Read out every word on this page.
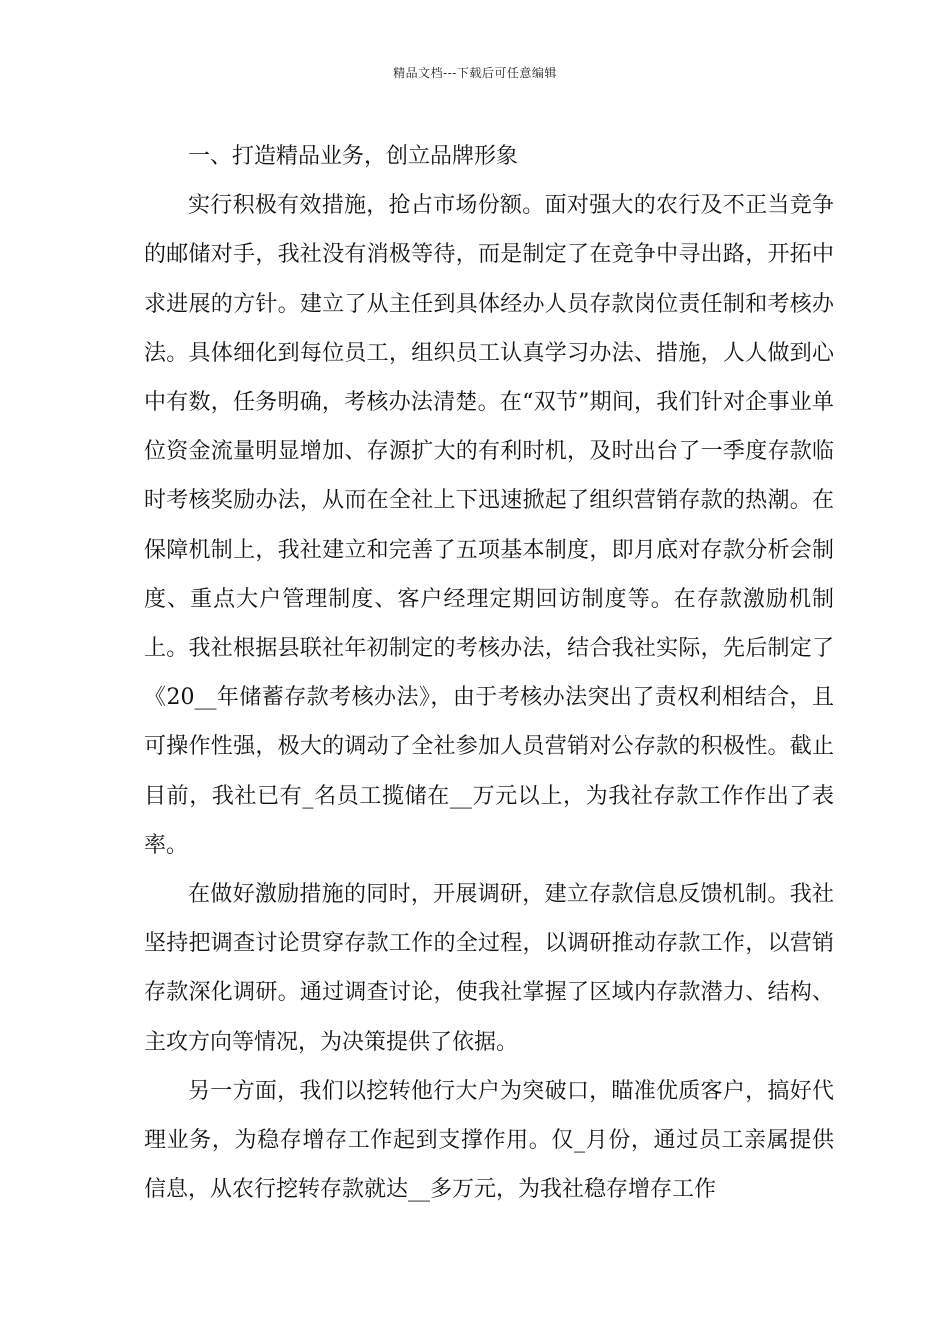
精品文档---下载后可任意编辑

一、打造精品业务，创立品牌形象

实行积极有效措施，抢占市场份额。面对强大的农行及不正当竞争的邮储对手，我社没有消极等待，而是制定了在竞争中寻出路，开拓中求进展的方针。建立了从主任到具体经办人员存款岗位责任制和考核办法。具体细化到每位员工，组织员工认真学习办法、措施，人人做到心中有数，任务明确，考核办法清楚。在“双节”期间，我们针对企事业单位资金流量明显增加、存源扩大的有利时机，及时出台了一季度存款临时考核奖励办法，从而在全社上下迅速掀起了组织营销存款的热潮。在保障机制上，我社建立和完善了五项基本制度，即月底对存款分析会制度、重点大户管理制度、客户经理定期回访制度等。在存款激励机制上。我社根据县联社年初制定的考核办法，结合我社实际，先后制定了《20__年储蓄存款考核办法》，由于考核办法突出了责权利相结合，且可操作性强，极大的调动了全社参加人员营销对公存款的积极性。截止目前，我社已有_名员工揽储在__万元以上，为我社存款工作作出了表率。

在做好激励措施的同时，开展调研，建立存款信息反馈机制。我社坚持把调查讨论贯穿存款工作的全过程，以调研推动存款工作，以营销存款深化调研。通过调查讨论，使我社掌握了区域内存款潜力、结构、主攻方向等情况，为决策提供了依据。

另一方面，我们以挖转他行大户为突破口，瞄准优质客户，搞好代理业务，为稳存增存工作起到支撑作用。仅_月份，通过员工亲属提供信息，从农行挖转存款就达__多万元，为我社稳存增存工作
